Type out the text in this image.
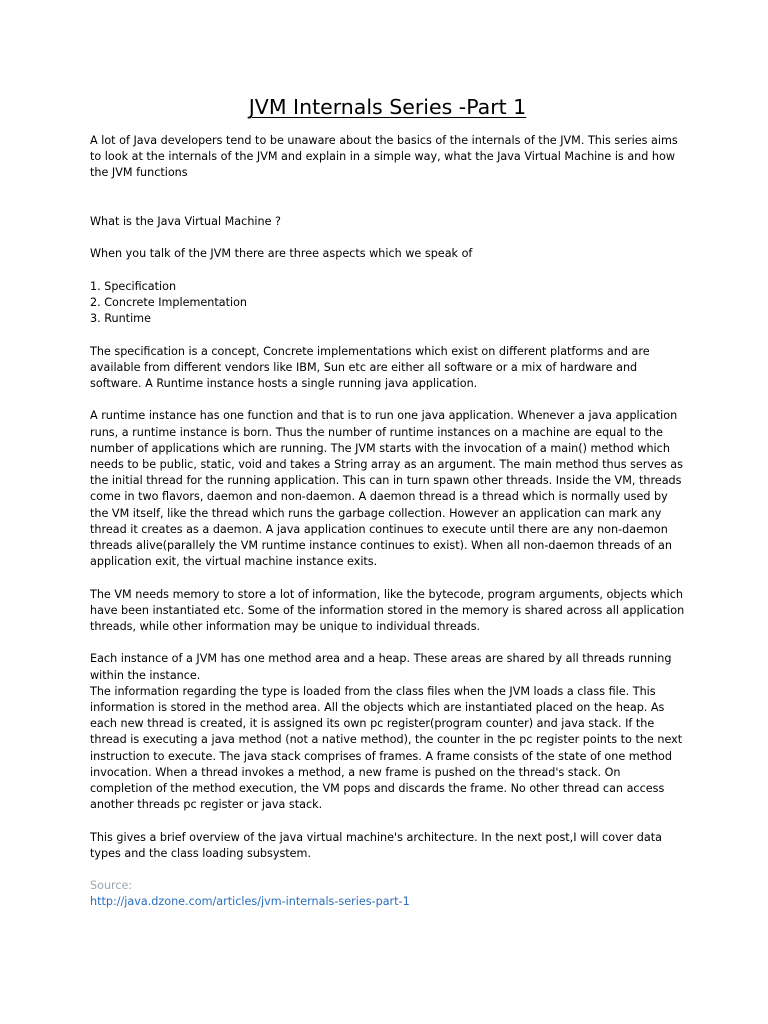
JVM Internals Series -Part 1

A lot of Java developers tend to be unaware about the basics of the internals of the JVM. This series aims to look at the internals of the JVM and explain in a simple way, what the Java Virtual Machine is and how the JVM functions

What is the Java Virtual Machine ?

When you talk of the JVM there are three aspects which we speak of

1. Specification

2. Concrete Implementation

3. Runtime

The specification is a concept, Concrete implementations which exist on different platforms and are available from different vendors like IBM, Sun etc are either all software or a mix of hardware and software. A Runtime instance hosts a single running java application.

A runtime instance has one function and that is to run one java application. Whenever a java application runs, a runtime instance is born. Thus the number of runtime instances on a machine are equal to the number of applications which are running. The JVM starts with the invocation of a main() method which needs to be public, static, void and takes a String array as an argument. The main method thus serves as the initial thread for the running application. This can in turn spawn other threads. Inside the VM, threads come in two flavors, daemon and non-daemon. A daemon thread is a thread which is normally used by the VM itself, like the thread which runs the garbage collection. However an application can mark any thread it creates as a daemon. A java application continues to execute until there are any non-daemon threads alive(parallely the VM runtime instance continues to exist). When all non-daemon threads of an application exit, the virtual machine instance exits.

The VM needs memory to store a lot of information, like the bytecode, program arguments, objects which have been instantiated etc. Some of the information stored in the memory is shared across all application threads, while other information may be unique to individual threads.

Each instance of a JVM has one method area and a heap. These areas are shared by all threads running within the instance.

The information regarding the type is loaded from the class files when the JVM loads a class file. This information is stored in the method area. All the objects which are instantiated placed on the heap. As each new thread is created, it is assigned its own pc register(program counter) and java stack. If the thread is executing a java method (not a native method), the counter in the pc register points to the next instruction to execute. The java stack comprises of frames. A frame consists of the state of one method invocation. When a thread invokes a method, a new frame is pushed on the thread's stack. On completion of the method execution, the VM pops and discards the frame. No other thread can access another threads pc register or java stack.

This gives a brief overview of the java virtual machine's architecture. In the next post,I will cover data types and the class loading subsystem.

Source:

http://java.dzone.com/articles/jvm-internals-series-part-1
